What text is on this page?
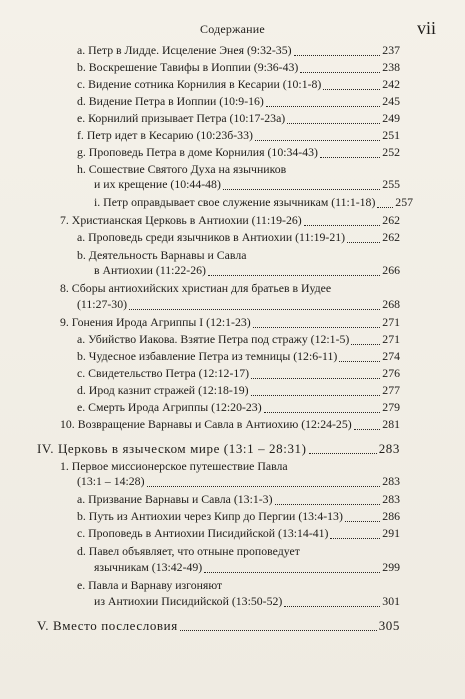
Содержание	vii
a. Петр в Лидде. Исцеление Энея (9:32-35)	237
b. Воскрешение Тавифы в Иоппии (9:36-43)	238
c. Видение сотника Корнилия в Кесарии (10:1-8)	242
d. Видение Петра в Иоппии (10:9-16)	245
e. Корнилий призывает Петра (10:17-23a)	249
f. Петр идет в Кесарию (10:23б-33)	251
g. Проповедь Петра в доме Корнилия (10:34-43)	252
h. Сошествие Святого Духа на язычников
и их крещение (10:44-48)	255
i. Петр оправдывает свое служение язычникам (11:1-18) 257
7. Христианская Церковь в Антиохии (11:19-26)	262
a. Проповедь среди язычников в Антиохии (11:19-21)	262
b. Деятельность Варнавы и Савла
в Антиохии (11:22-26)	266
8. Сборы антиохийских христиан для братьев в Иудее
(11:27-30)	268
9. Гонения Ирода Агриппы I (12:1-23)	271
a. Убийство Иакова. Взятие Петра под стражу (12:1-5)	271
b. Чудесное избавление Петра из темницы (12:6-11)	274
c. Свидетельство Петра (12:12-17)	276
d. Ирод казнит стражей (12:18-19)	277
e. Смерть Ирода Агриппы (12:20-23)	279
10. Возвращение Варнавы и Савла в Антиохию (12:24-25)	281
IV. Церковь в языческом мире (13:1 – 28:31)	283
1. Первое миссионерское путешествие Павла
(13:1 – 14:28)	283
a. Призвание Варнавы и Савла (13:1-3)	283
b. Путь из Антиохии через Кипр до Пергии (13:4-13)	286
c. Проповедь в Антиохии Писидийской (13:14-41)	291
d. Павел объявляет, что отныне проповедует
язычникам (13:42-49)	299
e. Павла и Варнаву изгоняют
из Антиохии Писидийской (13:50-52)	301
V. Вместо послесловия	305
